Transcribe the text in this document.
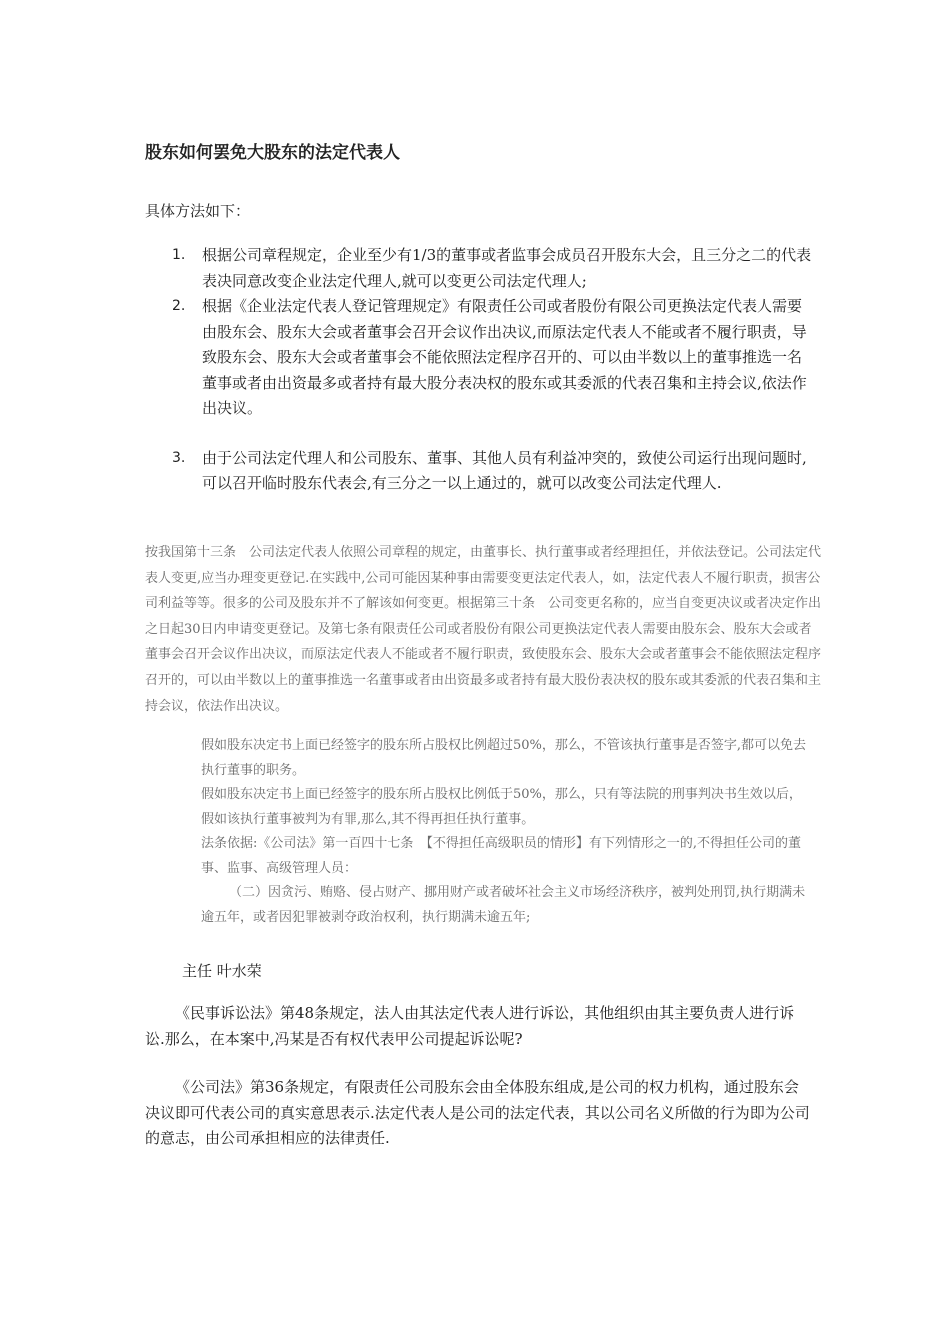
股东如何罢免大股东的法定代表人

具体方法如下：

1. 根据公司章程规定，企业至少有1/3的董事或者监事会成员召开股东大会，且三分之二的代表表决同意改变企业法定代理人,就可以变更公司法定代理人;
2. 根据《企业法定代表人登记管理规定》有限责任公司或者股份有限公司更换法定代表人需要由股东会、股东大会或者董事会召开会议作出决议,而原法定代表人不能或者不履行职责，导致股东会、股东大会或者董事会不能依照法定程序召开的、可以由半数以上的董事推选一名董事或者由出资最多或者持有最大股分表决权的股东或其委派的代表召集和主持会议,依法作出决议。
3. 由于公司法定代理人和公司股东、董事、其他人员有利益冲突的，致使公司运行出现问题时,可以召开临时股东代表会,有三分之一以上通过的，就可以改变公司法定代理人.

按我国第十三条　公司法定代表人依照公司章程的规定，由董事长、执行董事或者经理担任，并依法登记。公司法定代表人变更,应当办理变更登记.在实践中,公司可能因某种事由需要变更法定代表人，如，法定代表人不履行职责，损害公司利益等等。很多的公司及股东并不了解该如何变更。根据第三十条　公司变更名称的，应当自变更决议或者决定作出之日起30日内申请变更登记。及第七条有限责任公司或者股份有限公司更换法定代表人需要由股东会、股东大会或者董事会召开会议作出决议，而原法定代表人不能或者不履行职责，致使股东会、股东大会或者董事会不能依照法定程序召开的，可以由半数以上的董事推选一名董事或者由出资最多或者持有最大股份表决权的股东或其委派的代表召集和主持会议，依法作出决议。

假如股东决定书上面已经签字的股东所占股权比例超过50%，那么，不管该执行董事是否签字,都可以免去执行董事的职务。

假如股东决定书上面已经签字的股东所占股权比例低于50%，那么，只有等法院的刑事判决书生效以后，假如该执行董事被判为有罪,那么,其不得再担任执行董事。

法条依据:《公司法》第一百四十七条　【不得担任高级职员的情形】有下列情形之一的,不得担任公司的董事、监事、高级管理人员：

（二）因贪污、贿赂、侵占财产、挪用财产或者破坏社会主义市场经济秩序，被判处刑罚,执行期满未逾五年，或者因犯罪被剥夺政治权利，执行期满未逾五年;

主任 叶水荣

《民事诉讼法》第48条规定，法人由其法定代表人进行诉讼，其他组织由其主要负责人进行诉讼.那么，在本案中,冯某是否有权代表甲公司提起诉讼呢?

《公司法》第36条规定，有限责任公司股东会由全体股东组成,是公司的权力机构，通过股东会决议即可代表公司的真实意思表示.法定代表人是公司的法定代表，其以公司名义所做的行为即为公司的意志，由公司承担相应的法律责任.
